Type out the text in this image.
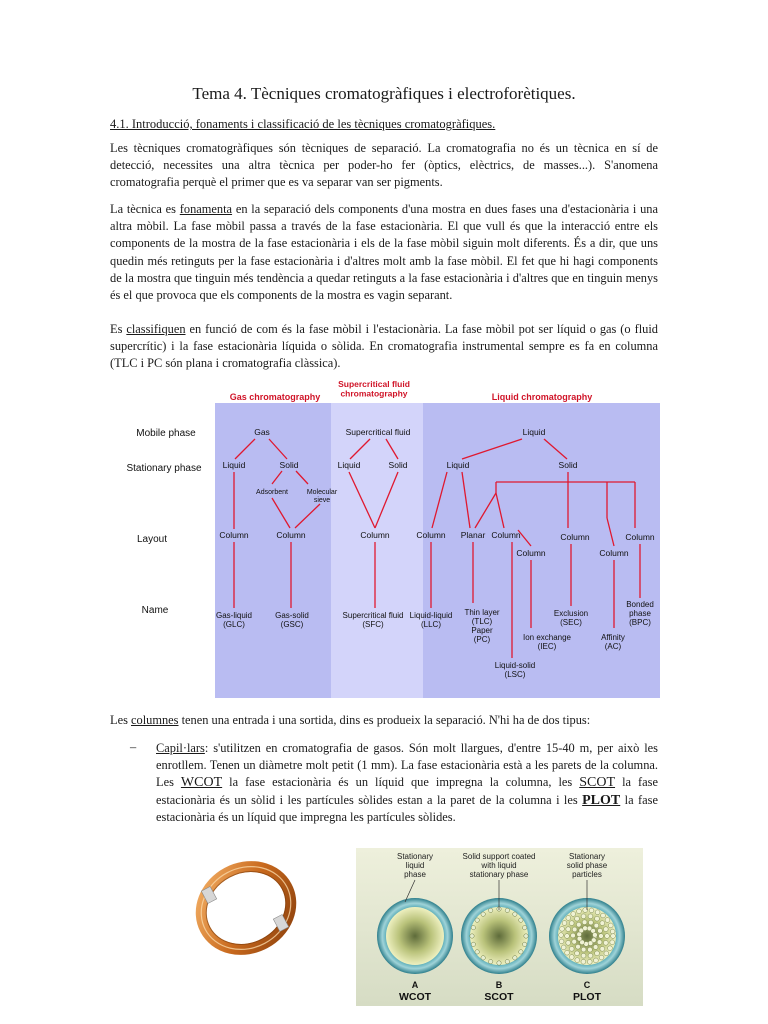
Tema 4. Tècniques cromatogràfiques i electroforètiques.
4.1. Introducció, fonaments i classificació de les tècniques cromatogràfiques.
Les tècniques cromatogràfiques són tècniques de separació. La cromatografia no és un tècnica en sí de detecció, necessites una altra tècnica per poder-ho fer (òptics, elèctrics, de masses...). S'anomena cromatografia perquè el primer que es va separar van ser pigments.
La tècnica es fonamenta en la separació dels components d'una mostra en dues fases una d'estacionària i una altra mòbil. La fase mòbil passa a través de la fase estacionària. El que vull és que la interacció entre els components de la mostra de la fase estacionària i els de la fase mòbil siguin molt diferents. És a dir, que uns quedin més retinguts per la fase estacionària i d'altres molt amb la fase mòbil. El fet que hi hagi components de la mostra que tinguin més tendència a quedar retinguts a la fase estacionària i d'altres que en tinguin menys és el que provoca que els components de la mostra es vagin separant.
Es classifiquen en funció de com és la fase mòbil i l'estacionària. La fase mòbil pot ser líquid o gas (o fluid supercrític) i la fase estacionària líquida o sòlida. En cromatografia instrumental sempre es fa en columna (TLC i PC són plana i cromatografia clàssica).
Gas chromatography
Supercritical fluid chromatography	Liquid chromatography
Mobile phase
Stationary phase
Layout
Name
Gas
Liquid	Solid
Adsorbent	Molecular sieve
Column	Column
Gas-liquid (GLC)
Gas-solid (GSC)
Supercritical fluid
Liquid	Solid
Column
Supercritical fluid (SFC)
Liquid
Liquid	Solid
Column Planar Column
Column
Column
Column
Column
Liquid-liquid (LLC)
Thin layer (TLC) Paper (PC)
Liquid-solid (LSC)
Ion exchange (IEC)
Exclusion (SEC)
Affinity (AC)
Bonded phase (BPC)
Les columnes tenen una entrada i una sortida, dins es produeix la separació. N'hi ha de dos tipus:
– Capil·lars: s'utilitzen en cromatografia de gasos. Són molt llargues, d'entre 15-40 m, per això les enrotllem. Tenen un diàmetre molt petit (1 mm). La fase estacionària està a les parets de la columna. Les WCOT la fase estacionària és un líquid que impregna la columna, les SCOT la fase estacionària és un sòlid i les partícules sòlides estan a la paret de la columna i les PLOT la fase estacionària és un líquid que impregna les partícules sòlides.
Stationary liquid phase
Solid support coated with liquid stationary phase
Stationary solid phase particles
A
WCOT
B
SCOT
C
PLOT
